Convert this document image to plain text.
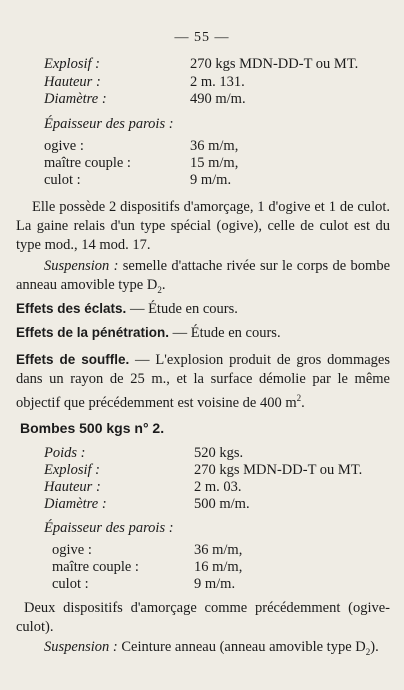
— 55 —
Explosif :	270 kgs MDN-DD-T ou MT.
Hauteur :	2 m. 131.
Diamètre :	490 m/m.
Épaisseur des parois :
ogive :	36 m/m,
maître couple :	15 m/m,
culot :	9 m/m.
Elle possède 2 dispositifs d'amorçage, 1 d'ogive et 1 de culot. La gaine relais d'un type spécial (ogive), celle de culot est du type mod., 14 mod. 17.
Suspension : semelle d'attache rivée sur le corps de bombe anneau amovible type $D_2$.
Effets des éclats. — Étude en cours.
Effets de la pénétration. — Étude en cours.
Effets de souffle. — L'explosion produit de gros dommages dans un rayon de 25 m., et la surface démolie par le même objectif que précédemment est voisine de 400 $m^2$.
Bombes 500 kgs n° 2.
Poids :	520 kgs.
Explosif :	270 kgs MDN-DD-T ou MT.
Hauteur :	2 m. 03.
Diamètre :	500 m/m.
Épaisseur des parois :
ogive :	36 m/m,
maître couple :	16 m/m,
culot :	9 m/m.
Deux dispositifs d'amorçage comme précédemment (ogive-culot).
Suspension : Ceinture anneau (anneau amovible type $D_2$).
